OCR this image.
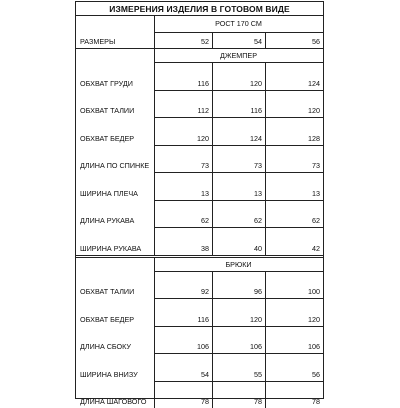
ИЗМЕРЕНИЯ ИЗДЕЛИЯ В ГОТОВОМ ВИДЕ
РОСТ 170 СМ
РАЗМЕРЫ	52	54	56
ДЖЕМПЕР
ОБХВАТ ГРУДИ	116	120	124
ОБХВАТ ТАЛИИ	112	116	120
ОБХВАТ БЕДЕР	120	124	128
ДЛИНА ПО СПИНКЕ	73	73	73
ШИРИНА ПЛЕЧА	13	13	13
ДЛИНА РУКАВА	62	62	62
ШИРИНА РУКАВА	38	40	42
БРЮКИ
ОБХВАТ ТАЛИИ	92	96	100
ОБХВАТ БЕДЕР	116	120	120
ДЛИНА СБОКУ	106	106	106
ШИРИНА ВНИЗУ	54	55	56
ДЛИНА ШАГОВОГО	78	78	78
